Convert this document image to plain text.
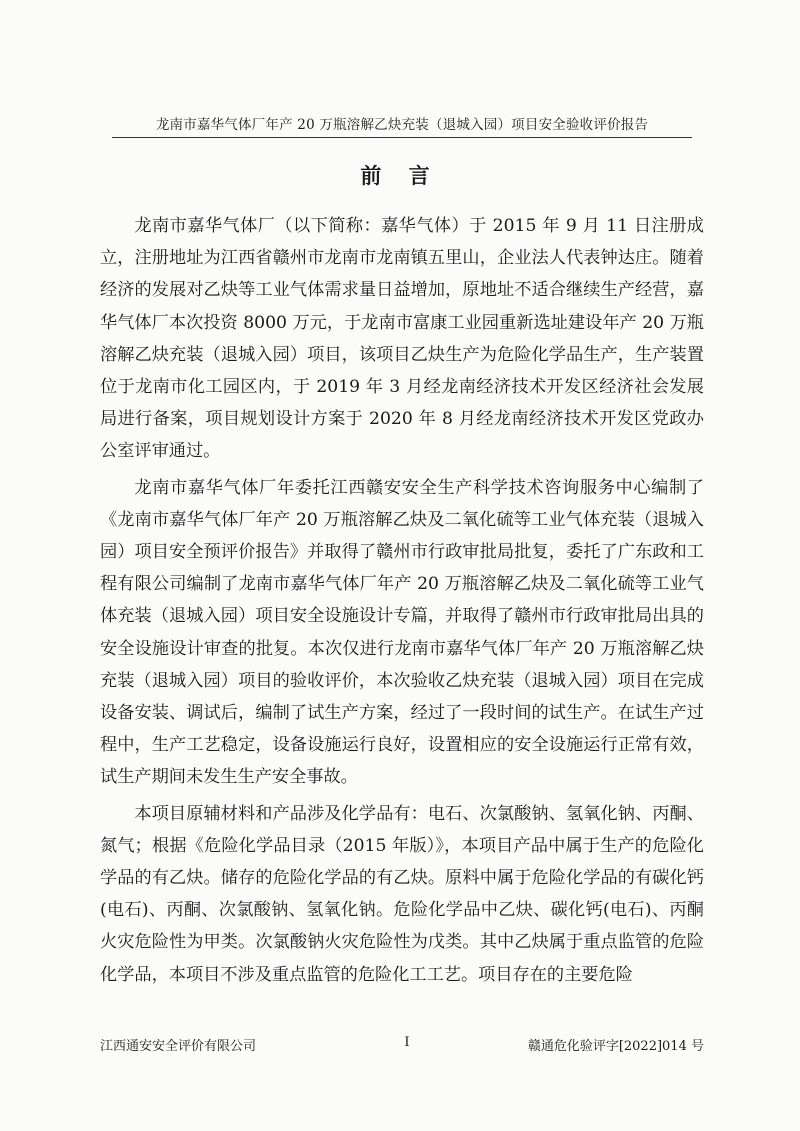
龙南市嘉华气体厂年产 20 万瓶溶解乙炔充装（退城入园）项目安全验收评价报告
前 言

龙南市嘉华气体厂（以下简称：嘉华气体）于 2015 年 9 月 11 日注册成立，注册地址为江西省赣州市龙南市龙南镇五里山，企业法人代表钟达庄。随着经济的发展对乙炔等工业气体需求量日益增加，原地址不适合继续生产经营，嘉华气体厂本次投资 8000 万元，于龙南市富康工业园重新选址建设年产 20 万瓶溶解乙炔充装（退城入园）项目，该项目乙炔生产为危险化学品生产，生产装置位于龙南市化工园区内，于 2019 年 3 月经龙南经济技术开发区经济社会发展局进行备案，项目规划设计方案于 2020 年 8 月经龙南经济技术开发区党政办公室评审通过。

龙南市嘉华气体厂年委托江西赣安安全生产科学技术咨询服务中心编制了《龙南市嘉华气体厂年产 20 万瓶溶解乙炔及二氧化硫等工业气体充装（退城入园）项目安全预评价报告》并取得了赣州市行政审批局批复，委托了广东政和工程有限公司编制了龙南市嘉华气体厂年产 20 万瓶溶解乙炔及二氧化硫等工业气体充装（退城入园）项目安全设施设计专篇，并取得了赣州市行政审批局出具的安全设施设计审查的批复。本次仅进行龙南市嘉华气体厂年产 20 万瓶溶解乙炔充装（退城入园）项目的验收评价，本次验收乙炔充装（退城入园）项目在完成设备安装、调试后，编制了试生产方案，经过了一段时间的试生产。在试生产过程中，生产工艺稳定，设备设施运行良好，设置相应的安全设施运行正常有效，试生产期间未发生生产安全事故。

本项目原辅材料和产品涉及化学品有：电石、次氯酸钠、氢氧化钠、丙酮、氮气；根据《危险化学品目录（2015 年版）》，本项目产品中属于生产的危险化学品的有乙炔。储存的危险化学品的有乙炔。原料中属于危险化学品的有碳化钙(电石)、丙酮、次氯酸钠、氢氧化钠。危险化学品中乙炔、碳化钙(电石)、丙酮火灾危险性为甲类。次氯酸钠火灾危险性为戊类。其中乙炔属于重点监管的危险化学品，本项目不涉及重点监管的危险化工工艺。项目存在的主要危险

江西通安安全评价有限公司	I	赣通危化验评字[2022]014 号
